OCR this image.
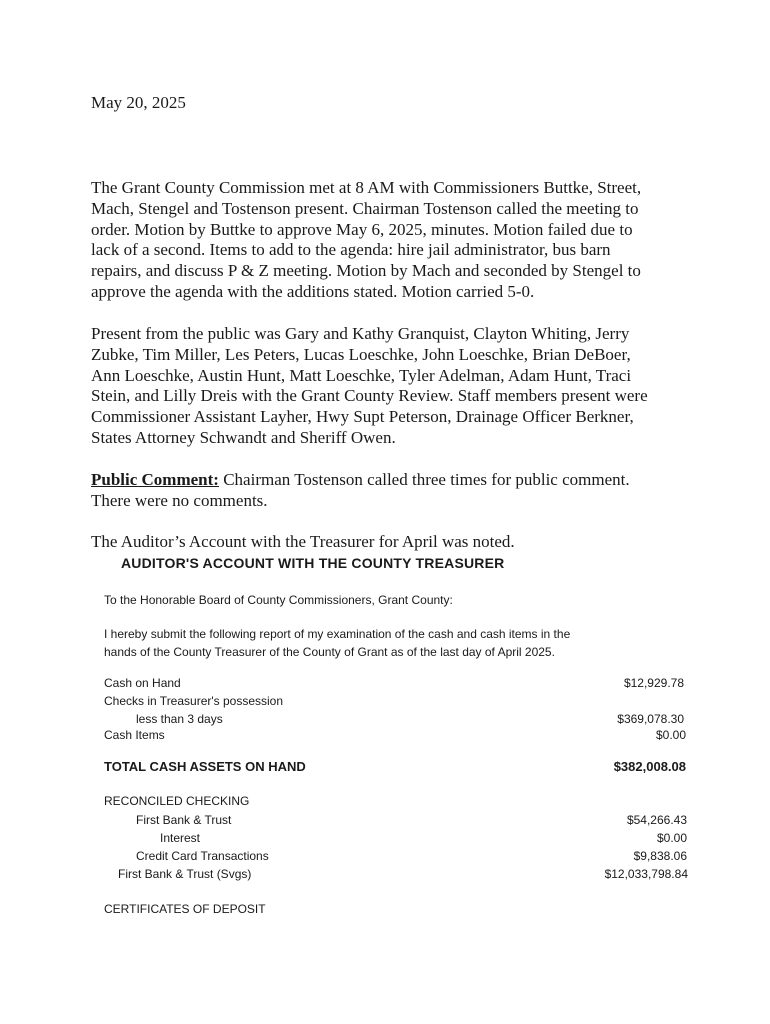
May 20, 2025
The Grant County Commission met at 8 AM with Commissioners Buttke, Street,
Mach, Stengel and Tostenson present. Chairman Tostenson called the meeting to
order. Motion by Buttke to approve May 6, 2025, minutes. Motion failed due to
lack of a second. Items to add to the agenda: hire jail administrator, bus barn
repairs, and discuss P & Z meeting. Motion by Mach and seconded by Stengel to
approve the agenda with the additions stated. Motion carried 5-0.
Present from the public was Gary and Kathy Granquist, Clayton Whiting, Jerry
Zubke, Tim Miller, Les Peters, Lucas Loeschke, John Loeschke, Brian DeBoer,
Ann Loeschke, Austin Hunt, Matt Loeschke, Tyler Adelman, Adam Hunt, Traci
Stein, and Lilly Dreis with the Grant County Review. Staff members present were
Commissioner Assistant Layher, Hwy Supt Peterson, Drainage Officer Berkner,
States Attorney Schwandt and Sheriff Owen.
Public Comment: Chairman Tostenson called three times for public comment.
There were no comments.
The Auditor’s Account with the Treasurer for April was noted.
AUDITOR'S ACCOUNT WITH THE COUNTY TREASURER
To the Honorable Board of County Commissioners, Grant County:
I hereby submit the following report of my examination of the cash and cash items in the
hands of the County Treasurer of the County of Grant as of the last day of April 2025.
Cash on Hand	$12,929.78
Checks in Treasurer's possession
less than 3 days	$369,078.30
Cash Items	$0.00
TOTAL CASH ASSETS ON HAND	$382,008.08
RECONCILED CHECKING
First Bank & Trust	$54,266.43
Interest	$0.00
Credit Card Transactions	$9,838.06
First Bank & Trust (Svgs)	$12,033,798.84
CERTIFICATES OF DEPOSIT
